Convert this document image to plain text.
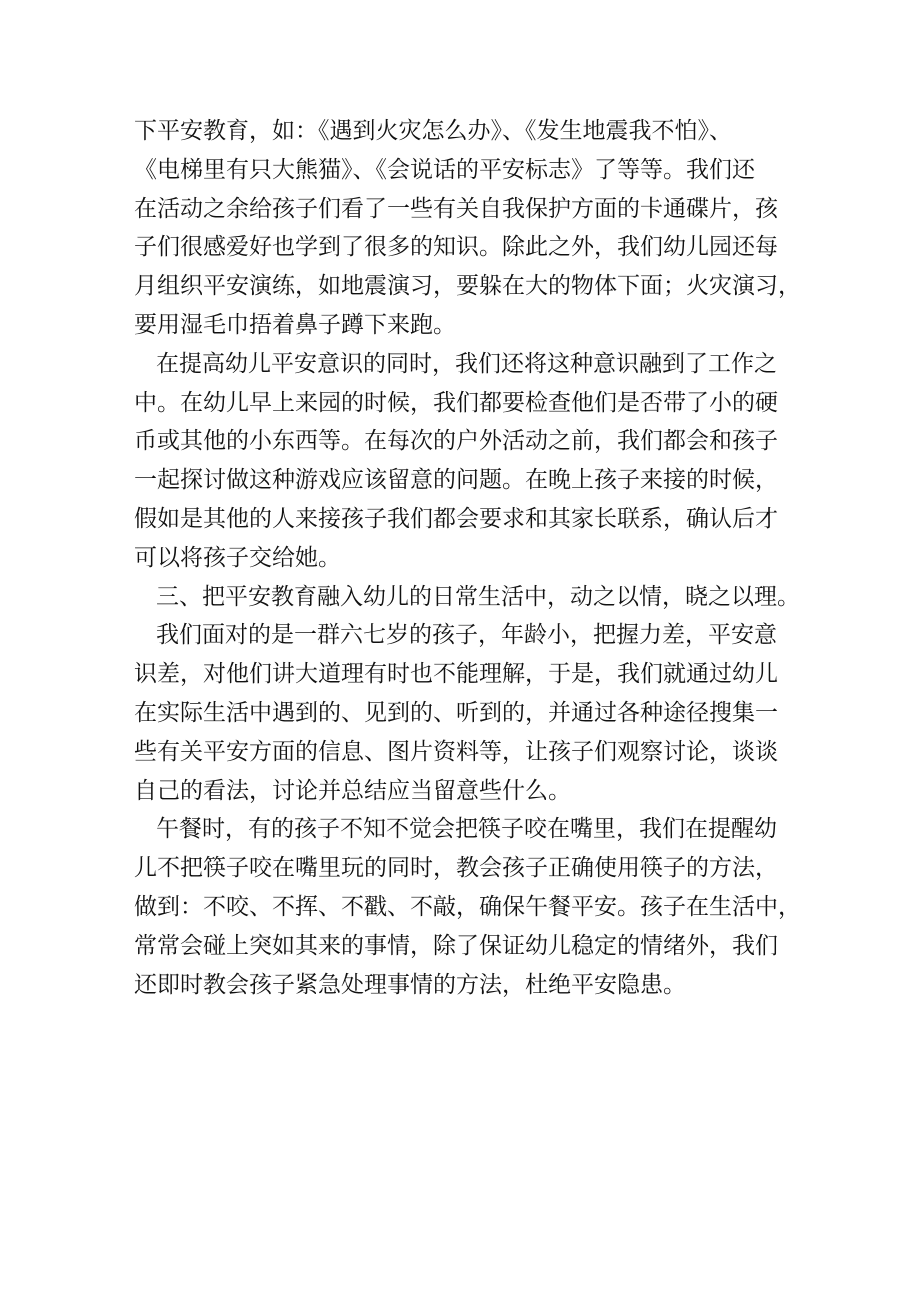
下平安教育，如：《遇到火灾怎么办》、《发生地震我不怕》、
《电梯里有只大熊猫》、《会说话的平安标志》了等等。我们还
在活动之余给孩子们看了一些有关自我保护方面的卡通碟片，孩
子们很感爱好也学到了很多的知识。除此之外，我们幼儿园还每
月组织平安演练，如地震演习，要躲在大的物体下面；火灾演习，
要用湿毛巾捂着鼻子蹲下来跑。
在提高幼儿平安意识的同时，我们还将这种意识融到了工作之
中。在幼儿早上来园的时候，我们都要检查他们是否带了小的硬
币或其他的小东西等。在每次的户外活动之前，我们都会和孩子
一起探讨做这种游戏应该留意的问题。在晚上孩子来接的时候，
假如是其他的人来接孩子我们都会要求和其家长联系，确认后才
可以将孩子交给她。
三、把平安教育融入幼儿的日常生活中，动之以情，晓之以理。
我们面对的是一群六七岁的孩子，年龄小，把握力差，平安意
识差，对他们讲大道理有时也不能理解，于是，我们就通过幼儿
在实际生活中遇到的、见到的、听到的，并通过各种途径搜集一
些有关平安方面的信息、图片资料等，让孩子们观察讨论，谈谈
自己的看法，讨论并总结应当留意些什么。
午餐时，有的孩子不知不觉会把筷子咬在嘴里，我们在提醒幼
儿不把筷子咬在嘴里玩的同时，教会孩子正确使用筷子的方法，
做到：不咬、不挥、不戳、不敲，确保午餐平安。孩子在生活中，
常常会碰上突如其来的事情，除了保证幼儿稳定的情绪外，我们
还即时教会孩子紧急处理事情的方法，杜绝平安隐患。
